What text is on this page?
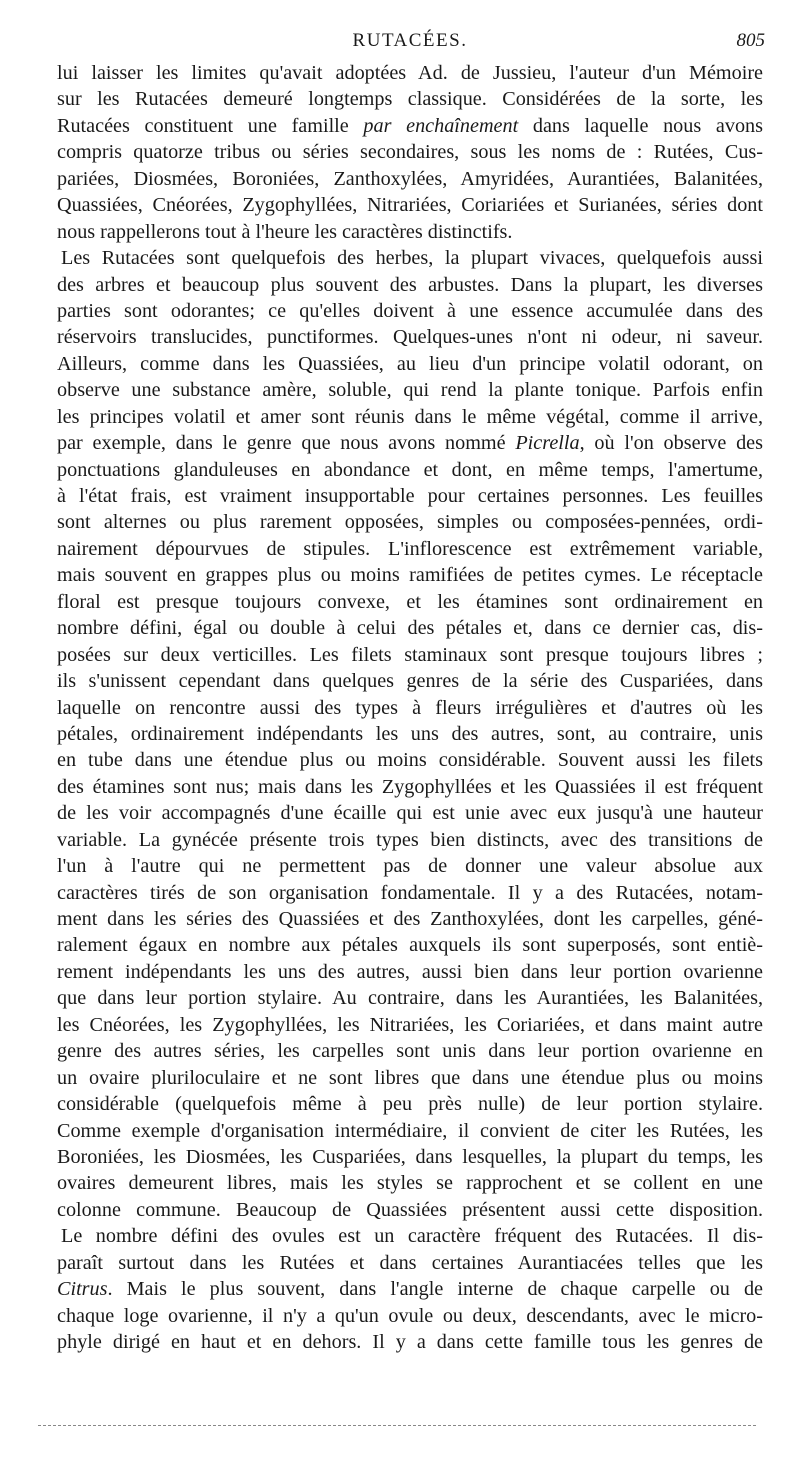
RUTACÉES.	805
lui laisser les limites qu'avait adoptées Ad. de Jussieu, l'auteur d'un Mémoire
sur les Rutacées demeuré longtemps classique. Considérées de la sorte, les
Rutacées constituent une famille par enchaînement dans laquelle nous avons
compris quatorze tribus ou séries secondaires, sous les noms de : Rutées, Cus-
pariées, Diosmées, Boroniées, Zanthoxylées, Amyridées, Aurantiées, Balanitées,
Quassiées, Cnéorées, Zygophyllées, Nitrariées, Coriariées et Surianées, séries dont
nous rappellerons tout à l'heure les caractères distinctifs.
Les Rutacées sont quelquefois des herbes, la plupart vivaces, quelquefois aussi
des arbres et beaucoup plus souvent des arbustes. Dans la plupart, les diverses
parties sont odorantes; ce qu'elles doivent à une essence accumulée dans des
réservoirs translucides, punctiformes. Quelques-unes n'ont ni odeur, ni saveur.
Ailleurs, comme dans les Quassiées, au lieu d'un principe volatil odorant, on
observe une substance amère, soluble, qui rend la plante tonique. Parfois enfin
les principes volatil et amer sont réunis dans le même végétal, comme il arrive,
par exemple, dans le genre que nous avons nommé Picrella, où l'on observe des
ponctuations glanduleuses en abondance et dont, en même temps, l'amertume,
à l'état frais, est vraiment insupportable pour certaines personnes. Les feuilles
sont alternes ou plus rarement opposées, simples ou composées-pennées, ordi-
nairement dépourvues de stipules. L'inflorescence est extrêmement variable,
mais souvent en grappes plus ou moins ramifiées de petites cymes. Le réceptacle
floral est presque toujours convexe, et les étamines sont ordinairement en
nombre défini, égal ou double à celui des pétales et, dans ce dernier cas, dis-
posées sur deux verticilles. Les filets staminaux sont presque toujours libres ;
ils s'unissent cependant dans quelques genres de la série des Cuspariées, dans
laquelle on rencontre aussi des types à fleurs irrégulières et d'autres où les
pétales, ordinairement indépendants les uns des autres, sont, au contraire, unis
en tube dans une étendue plus ou moins considérable. Souvent aussi les filets
des étamines sont nus; mais dans les Zygophyllées et les Quassiées il est fréquent
de les voir accompagnés d'une écaille qui est unie avec eux jusqu'à une hauteur
variable. La gynécée présente trois types bien distincts, avec des transitions de
l'un à l'autre qui ne permettent pas de donner une valeur absolue aux
caractères tirés de son organisation fondamentale. Il y a des Rutacées, notam-
ment dans les séries des Quassiées et des Zanthoxylées, dont les carpelles, géné-
ralement égaux en nombre aux pétales auxquels ils sont superposés, sont entiè-
rement indépendants les uns des autres, aussi bien dans leur portion ovarienne
que dans leur portion stylaire. Au contraire, dans les Aurantiées, les Balanitées,
les Cnéorées, les Zygophyllées, les Nitrariées, les Coriariées, et dans maint autre
genre des autres séries, les carpelles sont unis dans leur portion ovarienne en
un ovaire pluriloculaire et ne sont libres que dans une étendue plus ou moins
considérable (quelquefois même à peu près nulle) de leur portion stylaire.
Comme exemple d'organisation intermédiaire, il convient de citer les Rutées, les
Boroniées, les Diosmées, les Cuspariées, dans lesquelles, la plupart du temps, les
ovaires demeurent libres, mais les styles se rapprochent et se collent en une
colonne commune. Beaucoup de Quassiées présentent aussi cette disposition.
Le nombre défini des ovules est un caractère fréquent des Rutacées. Il dis-
paraît surtout dans les Rutées et dans certaines Aurantiacées telles que les
Citrus. Mais le plus souvent, dans l'angle interne de chaque carpelle ou de
chaque loge ovarienne, il n'y a qu'un ovule ou deux, descendants, avec le micro-
phyle dirigé en haut et en dehors. Il y a dans cette famille tous les genres de
